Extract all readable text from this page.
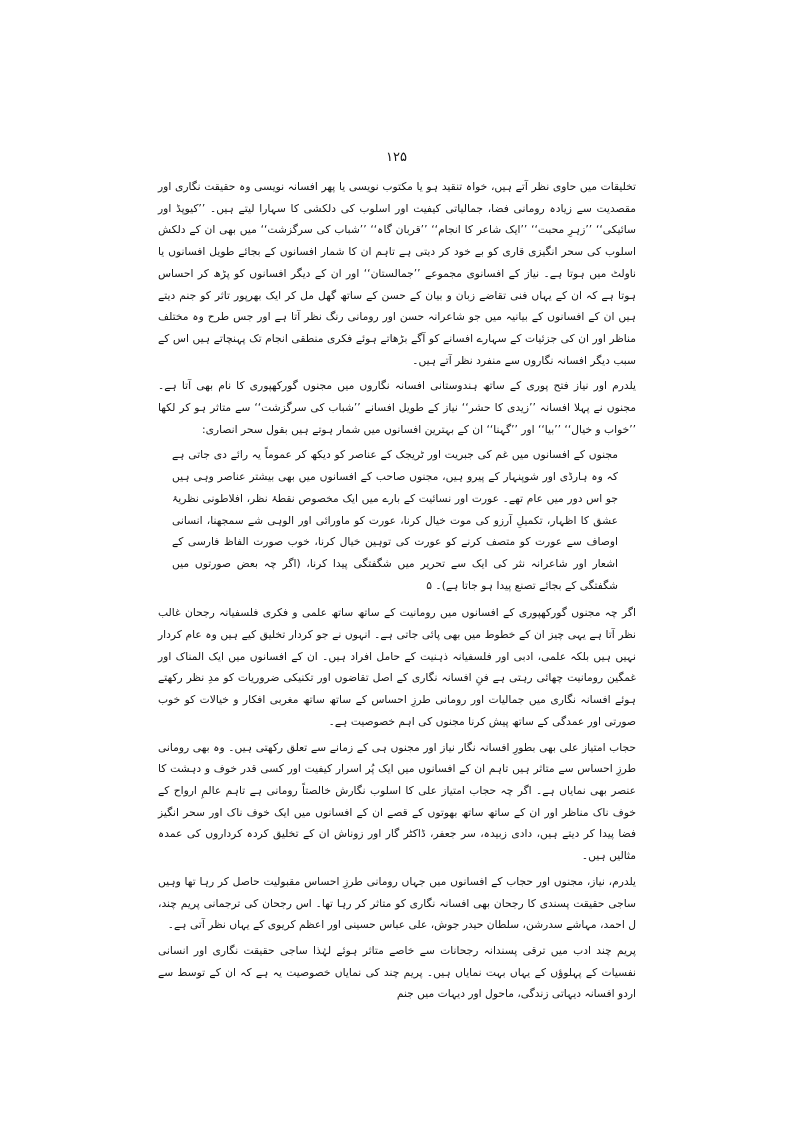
۱۲۵

تخلیقات میں حاوی نظر آتے ہیں، خواہ تنقید ہو یا مکتوب نویسی یا پھر افسانہ نویسی وہ حقیقت نگاری اور مقصدیت سے زیادہ رومانی فضا، جمالیاتی کیفیت اور اسلوب کی دلکشی کا سہارا لیتے ہیں۔ ’’کیوپڈ اور سائیکی‘‘ ’’زہرِ محبت‘‘ ’’ایک شاعر کا انجام‘‘ ’’قربان گاہ‘‘ ’’شباب کی سرگزشت‘‘ میں بھی ان کے دلکش اسلوب کی سحر انگیزی قاری کو بے خود کر دیتی ہے تاہم ان کا شمار افسانوں کے بجائے طویل افسانوں یا ناولٹ میں ہوتا ہے۔ نیاز کے افسانوی مجموعے ’’جمالستان‘‘ اور ان کے دیگر افسانوں کو پڑھ کر احساس ہوتا ہے کہ ان کے یہاں فنی تقاضے زبان و بیان کے حسن کے ساتھ گھل مل کر ایک بھرپور تاثر کو جنم دیتے ہیں ان کے افسانوں کے بیانیہ میں جو شاعرانہ حسن اور رومانی رنگ نظر آتا ہے اور جس طرح وہ مختلف مناظر اور ان کی جزئیات کے سہارے افسانے کو آگے بڑھاتے ہوئے فکری منطقی انجام تک پہنچاتے ہیں اس کے سبب دیگر افسانہ نگاروں سے منفرد نظر آتے ہیں۔

یلدرم اور نیاز فتح پوری کے ساتھ ہندوستانی افسانہ نگاروں میں مجنوں گورکھپوری کا نام بھی آتا ہے۔ مجنوں نے پہلا افسانہ ’’زیدی کا حشر‘‘ نیاز کے طویل افسانے ’’شباب کی سرگزشت‘‘ سے متاثر ہو کر لکھا ’’خواب و خیال‘‘ ’’بیا‘‘ اور ’’گہنا‘‘ ان کے بہترین افسانوں میں شمار ہوتے ہیں بقول سحر انصاری:

مجنوں کے افسانوں میں غم کی جبریت اور ٹریجک کے عناصر کو دیکھ کر عموماً یہ رائے دی جاتی ہے کہ وہ ہارڈی اور شوپنہار کے پیرو ہیں، مجنوں صاحب کے افسانوں میں بھی بیشتر عناصر وہی ہیں جو اس دور میں عام تھے۔ عورت اور نسائیت کے بارے میں ایک مخصوص نقطۂ نظر، افلاطونی نظریۂ عشق کا اظہار، تکمیلِ آرزو کی موت خیال کرنا، عورت کو ماورائی اور الوہی شے سمجھنا، انسانی اوصاف سے عورت کو متصف کرنے کو عورت کی توہین خیال کرنا، خوب صورت الفاظ فارسی کے اشعار اور شاعرانہ نثر کی ایک سے تحریر میں شگفتگی پیدا کرنا، (اگر چہ بعض صورتوں میں شگفتگی کے بجائے تصنع پیدا ہو جاتا ہے)۔ ۵

اگر چہ مجنوں گورکھپوری کے افسانوں میں رومانیت کے ساتھ ساتھ علمی و فکری فلسفیانہ رجحان غالب نظر آتا ہے یہی چیز ان کے خطوط میں بھی پائی جاتی ہے۔ انہوں نے جو کردار تخلیق کیے ہیں وہ عام کردار نہیں ہیں بلکہ علمی، ادبی اور فلسفیانہ ذہنیت کے حامل افراد ہیں۔ ان کے افسانوں میں ایک المناک اور غمگین رومانیت چھائی رہتی ہے فنِ افسانہ نگاری کے اصل تقاضوں اور تکنیکی ضروریات کو مدِ نظر رکھتے ہوئے افسانہ نگاری میں جمالیات اور رومانی طرزِ احساس کے ساتھ ساتھ مغربی افکار و خیالات کو خوب صورتی اور عمدگی کے ساتھ پیش کرنا مجنوں کی اہم خصوصیت ہے۔

حجاب امتیاز علی بھی بطورِ افسانہ نگار نیاز اور مجنوں ہی کے زمانے سے تعلق رکھتی ہیں۔ وہ بھی رومانی طرزِ احساس سے متاثر ہیں تاہم ان کے افسانوں میں ایک پُر اسرار کیفیت اور کسی قدر خوف و دہشت کا عنصر بھی نمایاں ہے۔ اگر چہ حجاب امتیاز علی کا اسلوب نگارش خالصتاً رومانی ہے تاہم عالمِ ارواح کے خوف ناک مناظر اور ان کے ساتھ ساتھ بھوتوں کے قصے ان کے افسانوں میں ایک خوف ناک اور سحر انگیز فضا پیدا کر دیتے ہیں، دادی زبیدہ، سر جعفر، ڈاکٹر گار اور زوناش ان کے تخلیق کردہ کرداروں کی عمدہ مثالیں ہیں۔

یلدرم، نیاز، مجنوں اور حجاب کے افسانوں میں جہاں رومانی طرزِ احساس مقبولیت حاصل کر رہا تھا وہیں ساجی حقیقت پسندی کا رجحان بھی افسانہ نگاری کو متاثر کر رہا تھا۔ اس رجحان کی ترجمانی پریم چند، ل احمد، مہاشے سدرشن، سلطان حیدر جوش، علی عباس حسینی اور اعظم کریوی کے یہاں نظر آتی ہے۔

پریم چند ادب میں ترقی پسندانہ رجحانات سے خاصے متاثر ہوئے لہٰذا ساجی حقیقت نگاری اور انسانی نفسیات کے پہلوؤں کے یہاں بہت نمایاں ہیں۔ پریم چند کی نمایاں خصوصیت یہ ہے کہ ان کے توسط سے اردو افسانہ دیہاتی زندگی، ماحول اور دیہات میں جنم
